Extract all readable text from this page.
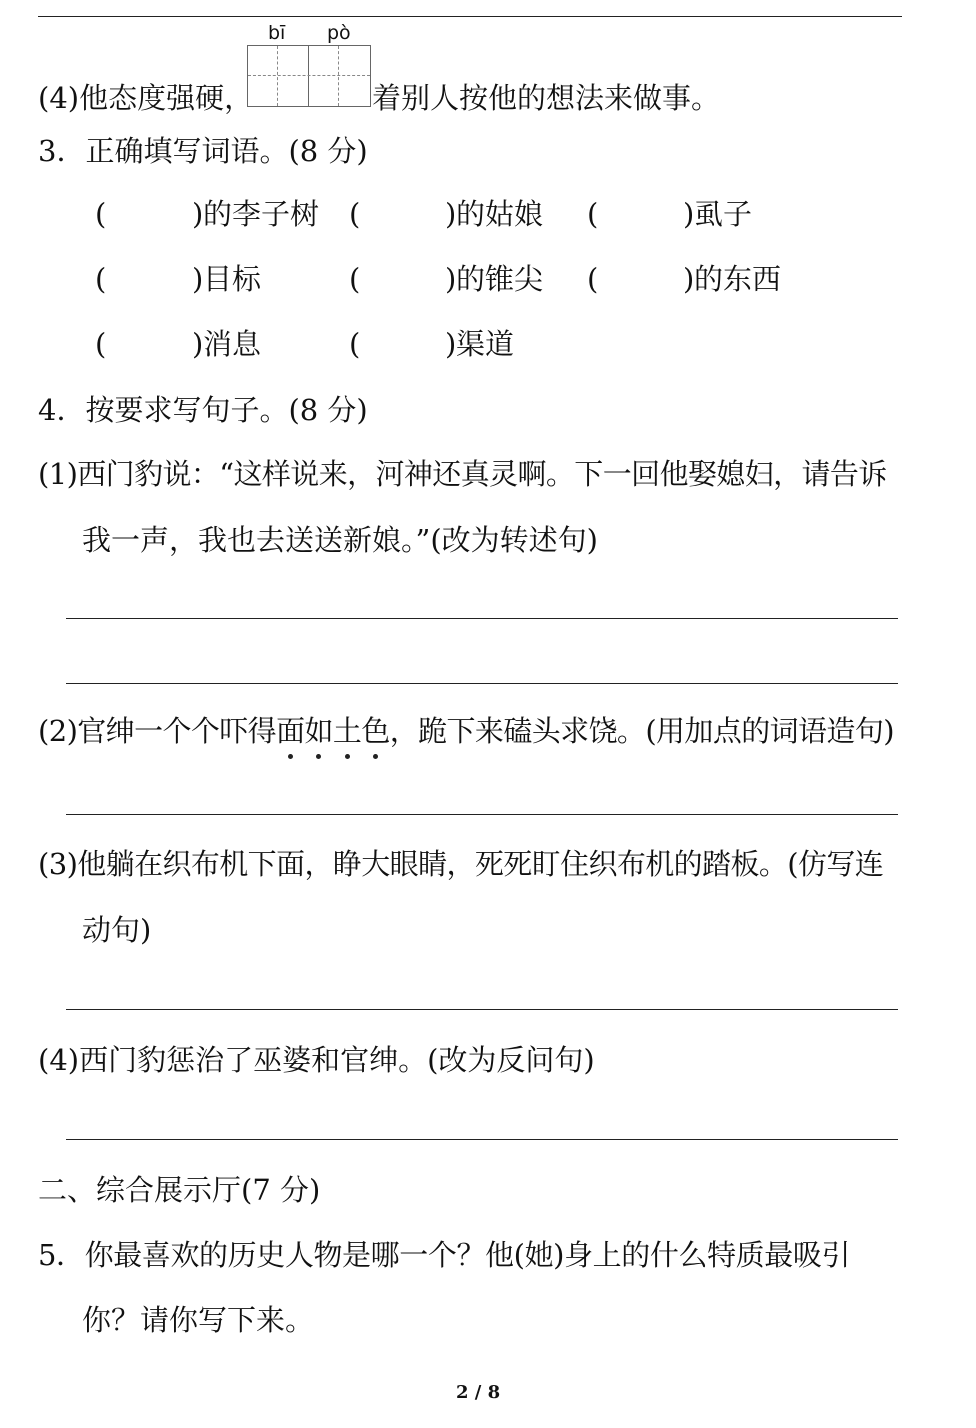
bī pò
(4)他态度强硬，	着别人按他的想法来做事。
3．正确填写词语。(8 分)
(	) 的李子树 (	) 的姑娘 (	) 虱子
(	) 目标	(	) 的锥尖 (	) 的东西
(	) 消息	(	) 渠道
4．按要求写句子。(8 分)
(1)西门豹说：“这样说来，河神还真灵啊。下一回他娶媳妇，请告诉
我一声，我也去送送新娘。”(改为转述句)
(2)官绅一个个吓得面如土色，跪下来磕头求饶。(用加点的词语造句)
(3)他躺在织布机下面，睁大眼睛，死死盯住织布机的踏板。(仿写连
动句)
(4)西门豹惩治了巫婆和官绅。(改为反问句)
二、综合展示厅(7 分)
5．你最喜欢的历史人物是哪一个？他(她)身上的什么特质最吸引
你？请你写下来。
2 / 8
